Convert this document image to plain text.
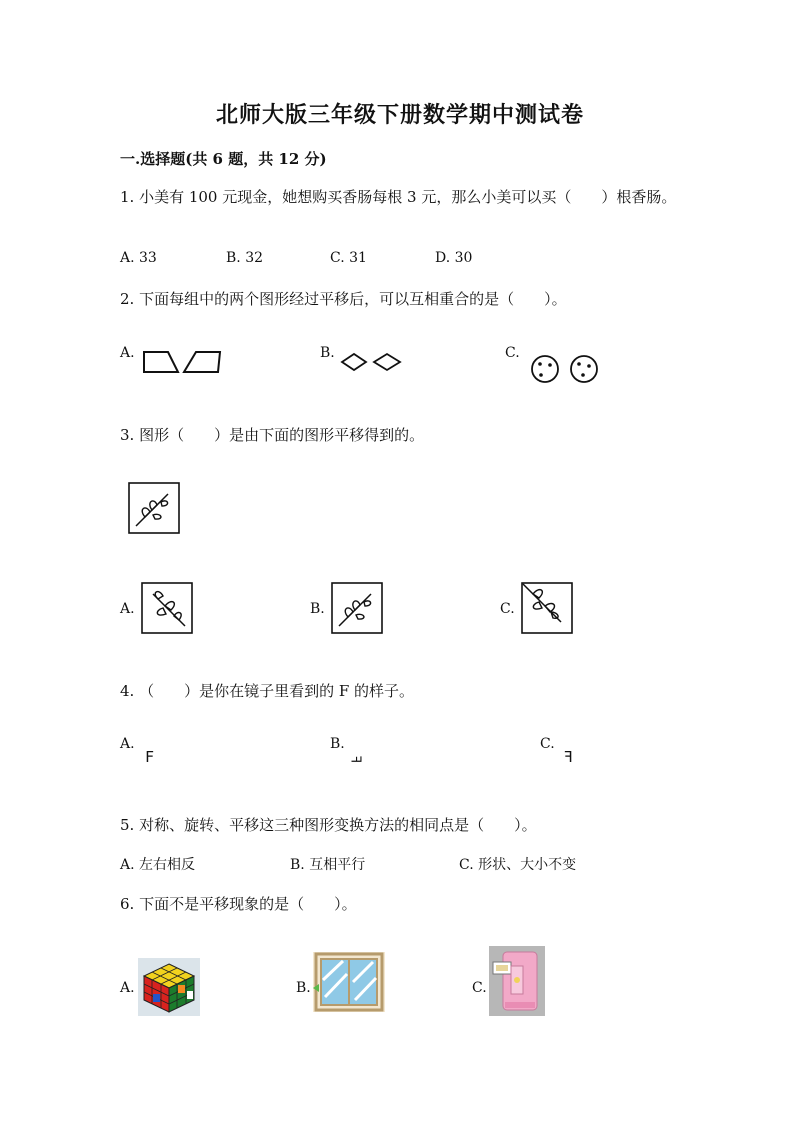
北师大版三年级下册数学期中测试卷
一.选择题(共 6 题，共 12 分)
1. 小美有 100 元现金，她想购买香肠每根 3 元，那么小美可以买（　　）根香肠。
A. 33	B. 32	C. 31	D. 30
2. 下面每组中的两个图形经过平移后，可以互相重合的是（　　）。
A.	B.	C.
3. 图形（　　）是由下面的图形平移得到的。
A.	B.	C.
4. （　　）是你在镜子里看到的 F 的样子。
A.
F
B.
F
C.
F
5. 对称、旋转、平移这三种图形变换方法的相同点是（　　）。
A. 左右相反	B. 互相平行	C. 形状、大小不变
6. 下面不是平移现象的是（　　）。
A.	B.	C.
